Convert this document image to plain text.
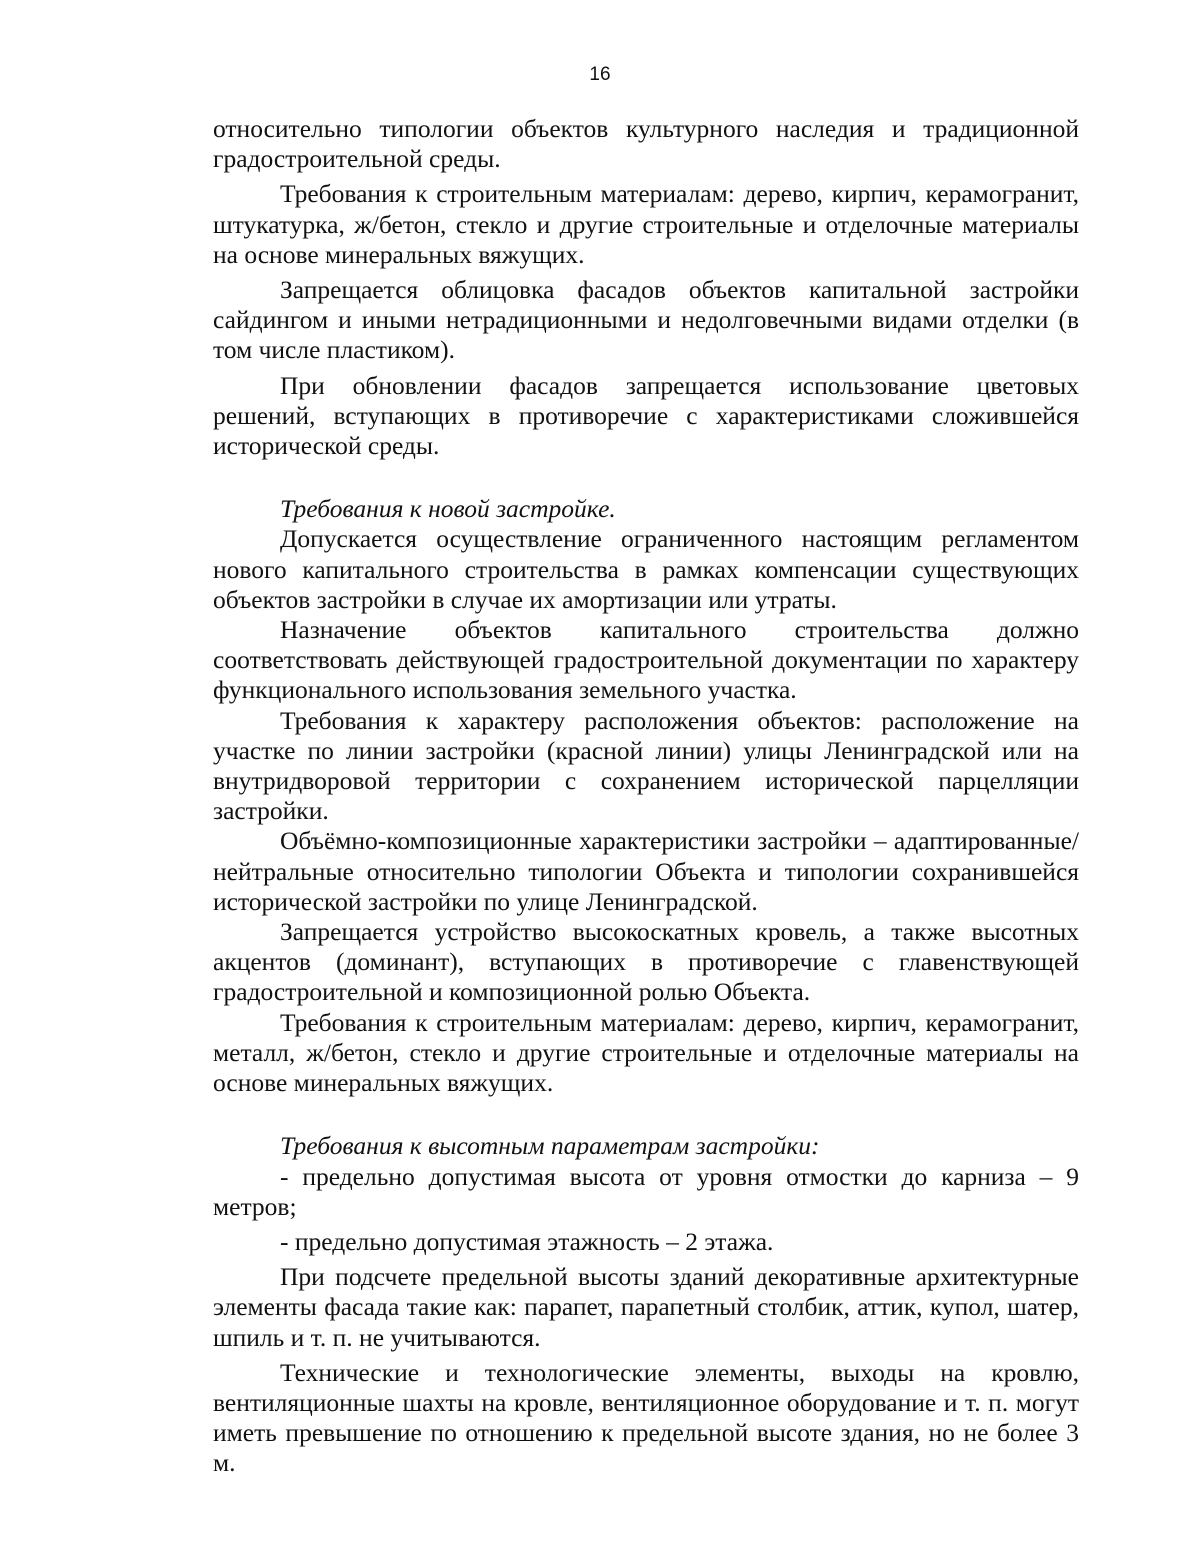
16

относительно типологии объектов культурного наследия и традиционной градостроительной среды.

Требования к строительным материалам: дерево, кирпич, керамогранит, штукатурка, ж/бетон, стекло и другие строительные и отделочные материалы на основе минеральных вяжущих.

Запрещается облицовка фасадов объектов капитальной застройки сайдингом и иными нетрадиционными и недолговечными видами отделки (в том числе пластиком).

При обновлении фасадов запрещается использование цветовых решений, вступающих в противоречие с характеристиками сложившейся исторической среды.

Требования к новой застройке.

Допускается осуществление ограниченного настоящим регламентом нового капитального строительства в рамках компенсации существующих объектов застройки в случае их амортизации или утраты.

Назначение объектов капитального строительства должно соответствовать действующей градостроительной документации по характеру функционального использования земельного участка.

Требования к характеру расположения объектов: расположение на участке по линии застройки (красной линии) улицы Ленинградской или на внутридворовой территории с сохранением исторической парцелляции застройки.

Объёмно-композиционные характеристики застройки – адаптированные/нейтральные относительно типологии Объекта и типологии сохранившейся исторической застройки по улице Ленинградской.

Запрещается устройство высокоскатных кровель, а также высотных акцентов (доминант), вступающих в противоречие с главенствующей градостроительной и композиционной ролью Объекта.

Требования к строительным материалам: дерево, кирпич, керамогранит, металл, ж/бетон, стекло и другие строительные и отделочные материалы на основе минеральных вяжущих.

Требования к высотным параметрам застройки:

- предельно допустимая высота от уровня отмостки до карниза – 9 метров;

- предельно допустимая этажность – 2 этажа.

При подсчете предельной высоты зданий декоративные архитектурные элементы фасада такие как: парапет, парапетный столбик, аттик, купол, шатер, шпиль и т. п. не учитываются.

Технические и технологические элементы, выходы на кровлю, вентиляционные шахты на кровле, вентиляционное оборудование и т. п. могут иметь превышение по отношению к предельной высоте здания, но не более 3 м.
